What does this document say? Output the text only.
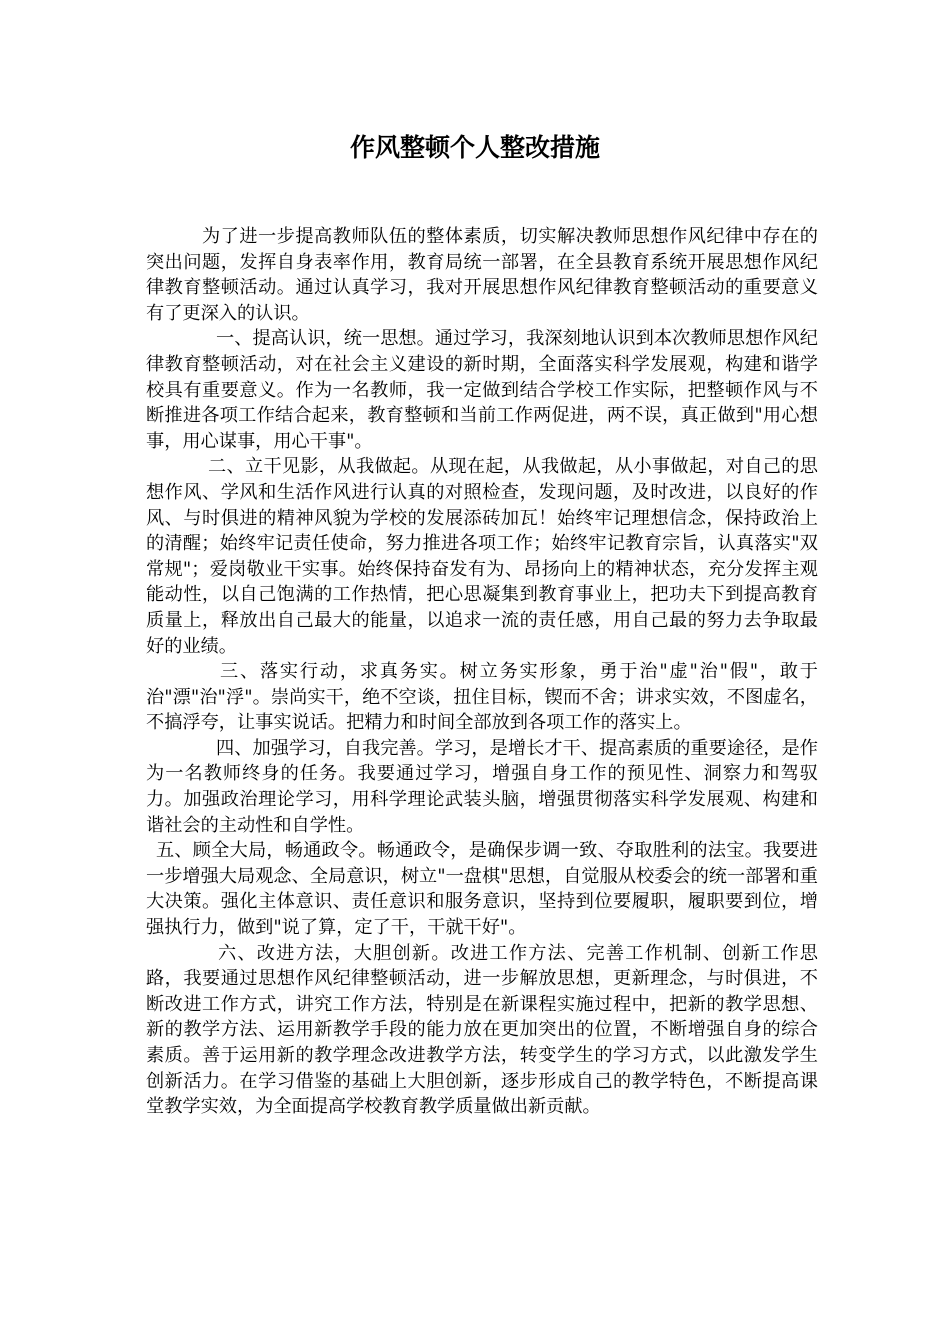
作风整顿个人整改措施

为了进一步提高教师队伍的整体素质，切实解决教师思想作风纪律中存在的突出问题，发挥自身表率作用，教育局统一部署，在全县教育系统开展思想作风纪律教育整顿活动。通过认真学习，我对开展思想作风纪律教育整顿活动的重要意义有了更深入的认识。

一、提高认识，统一思想。通过学习，我深刻地认识到本次教师思想作风纪律教育整顿活动，对在社会主义建设的新时期，全面落实科学发展观，构建和谐学校具有重要意义。作为一名教师，我一定做到结合学校工作实际，把整顿作风与不断推进各项工作结合起来，教育整顿和当前工作两促进，两不误，真正做到"用心想事，用心谋事，用心干事"。

二、立干见影，从我做起。从现在起，从我做起，从小事做起，对自己的思想作风、学风和生活作风进行认真的对照检查，发现问题，及时改进，以良好的作风、与时俱进的精神风貌为学校的发展添砖加瓦！始终牢记理想信念，保持政治上的清醒；始终牢记责任使命，努力推进各项工作；始终牢记教育宗旨，认真落实"双常规"；爱岗敬业干实事。始终保持奋发有为、昂扬向上的精神状态，充分发挥主观能动性，以自己饱满的工作热情，把心思凝集到教育事业上，把功夫下到提高教育质量上，释放出自己最大的能量，以追求一流的责任感，用自己最的努力去争取最好的业绩。

三、落实行动，求真务实。树立务实形象，勇于治"虚"治"假"，敢于治"漂"治"浮"。崇尚实干，绝不空谈，扭住目标，锲而不舍；讲求实效，不图虚名，不搞浮夸，让事实说话。把精力和时间全部放到各项工作的落实上。

四、加强学习，自我完善。学习，是增长才干、提高素质的重要途径，是作为一名教师终身的任务。我要通过学习，增强自身工作的预见性、洞察力和驾驭力。加强政治理论学习，用科学理论武装头脑，增强贯彻落实科学发展观、构建和谐社会的主动性和自学性。

五、顾全大局，畅通政令。畅通政令，是确保步调一致、夺取胜利的法宝。我要进一步增强大局观念、全局意识，树立"一盘棋"思想，自觉服从校委会的统一部署和重大决策。强化主体意识、责任意识和服务意识，坚持到位要履职，履职要到位，增强执行力，做到"说了算，定了干，干就干好"。

六、改进方法，大胆创新。改进工作方法、完善工作机制、创新工作思路，我要通过思想作风纪律整顿活动，进一步解放思想，更新理念，与时俱进，不断改进工作方式，讲究工作方法，特别是在新课程实施过程中，把新的教学思想、新的教学方法、运用新教学手段的能力放在更加突出的位置，不断增强自身的综合素质。善于运用新的教学理念改进教学方法，转变学生的学习方式，以此激发学生创新活力。在学习借鉴的基础上大胆创新，逐步形成自己的教学特色，不断提高课堂教学实效，为全面提高学校教育教学质量做出新贡献。
